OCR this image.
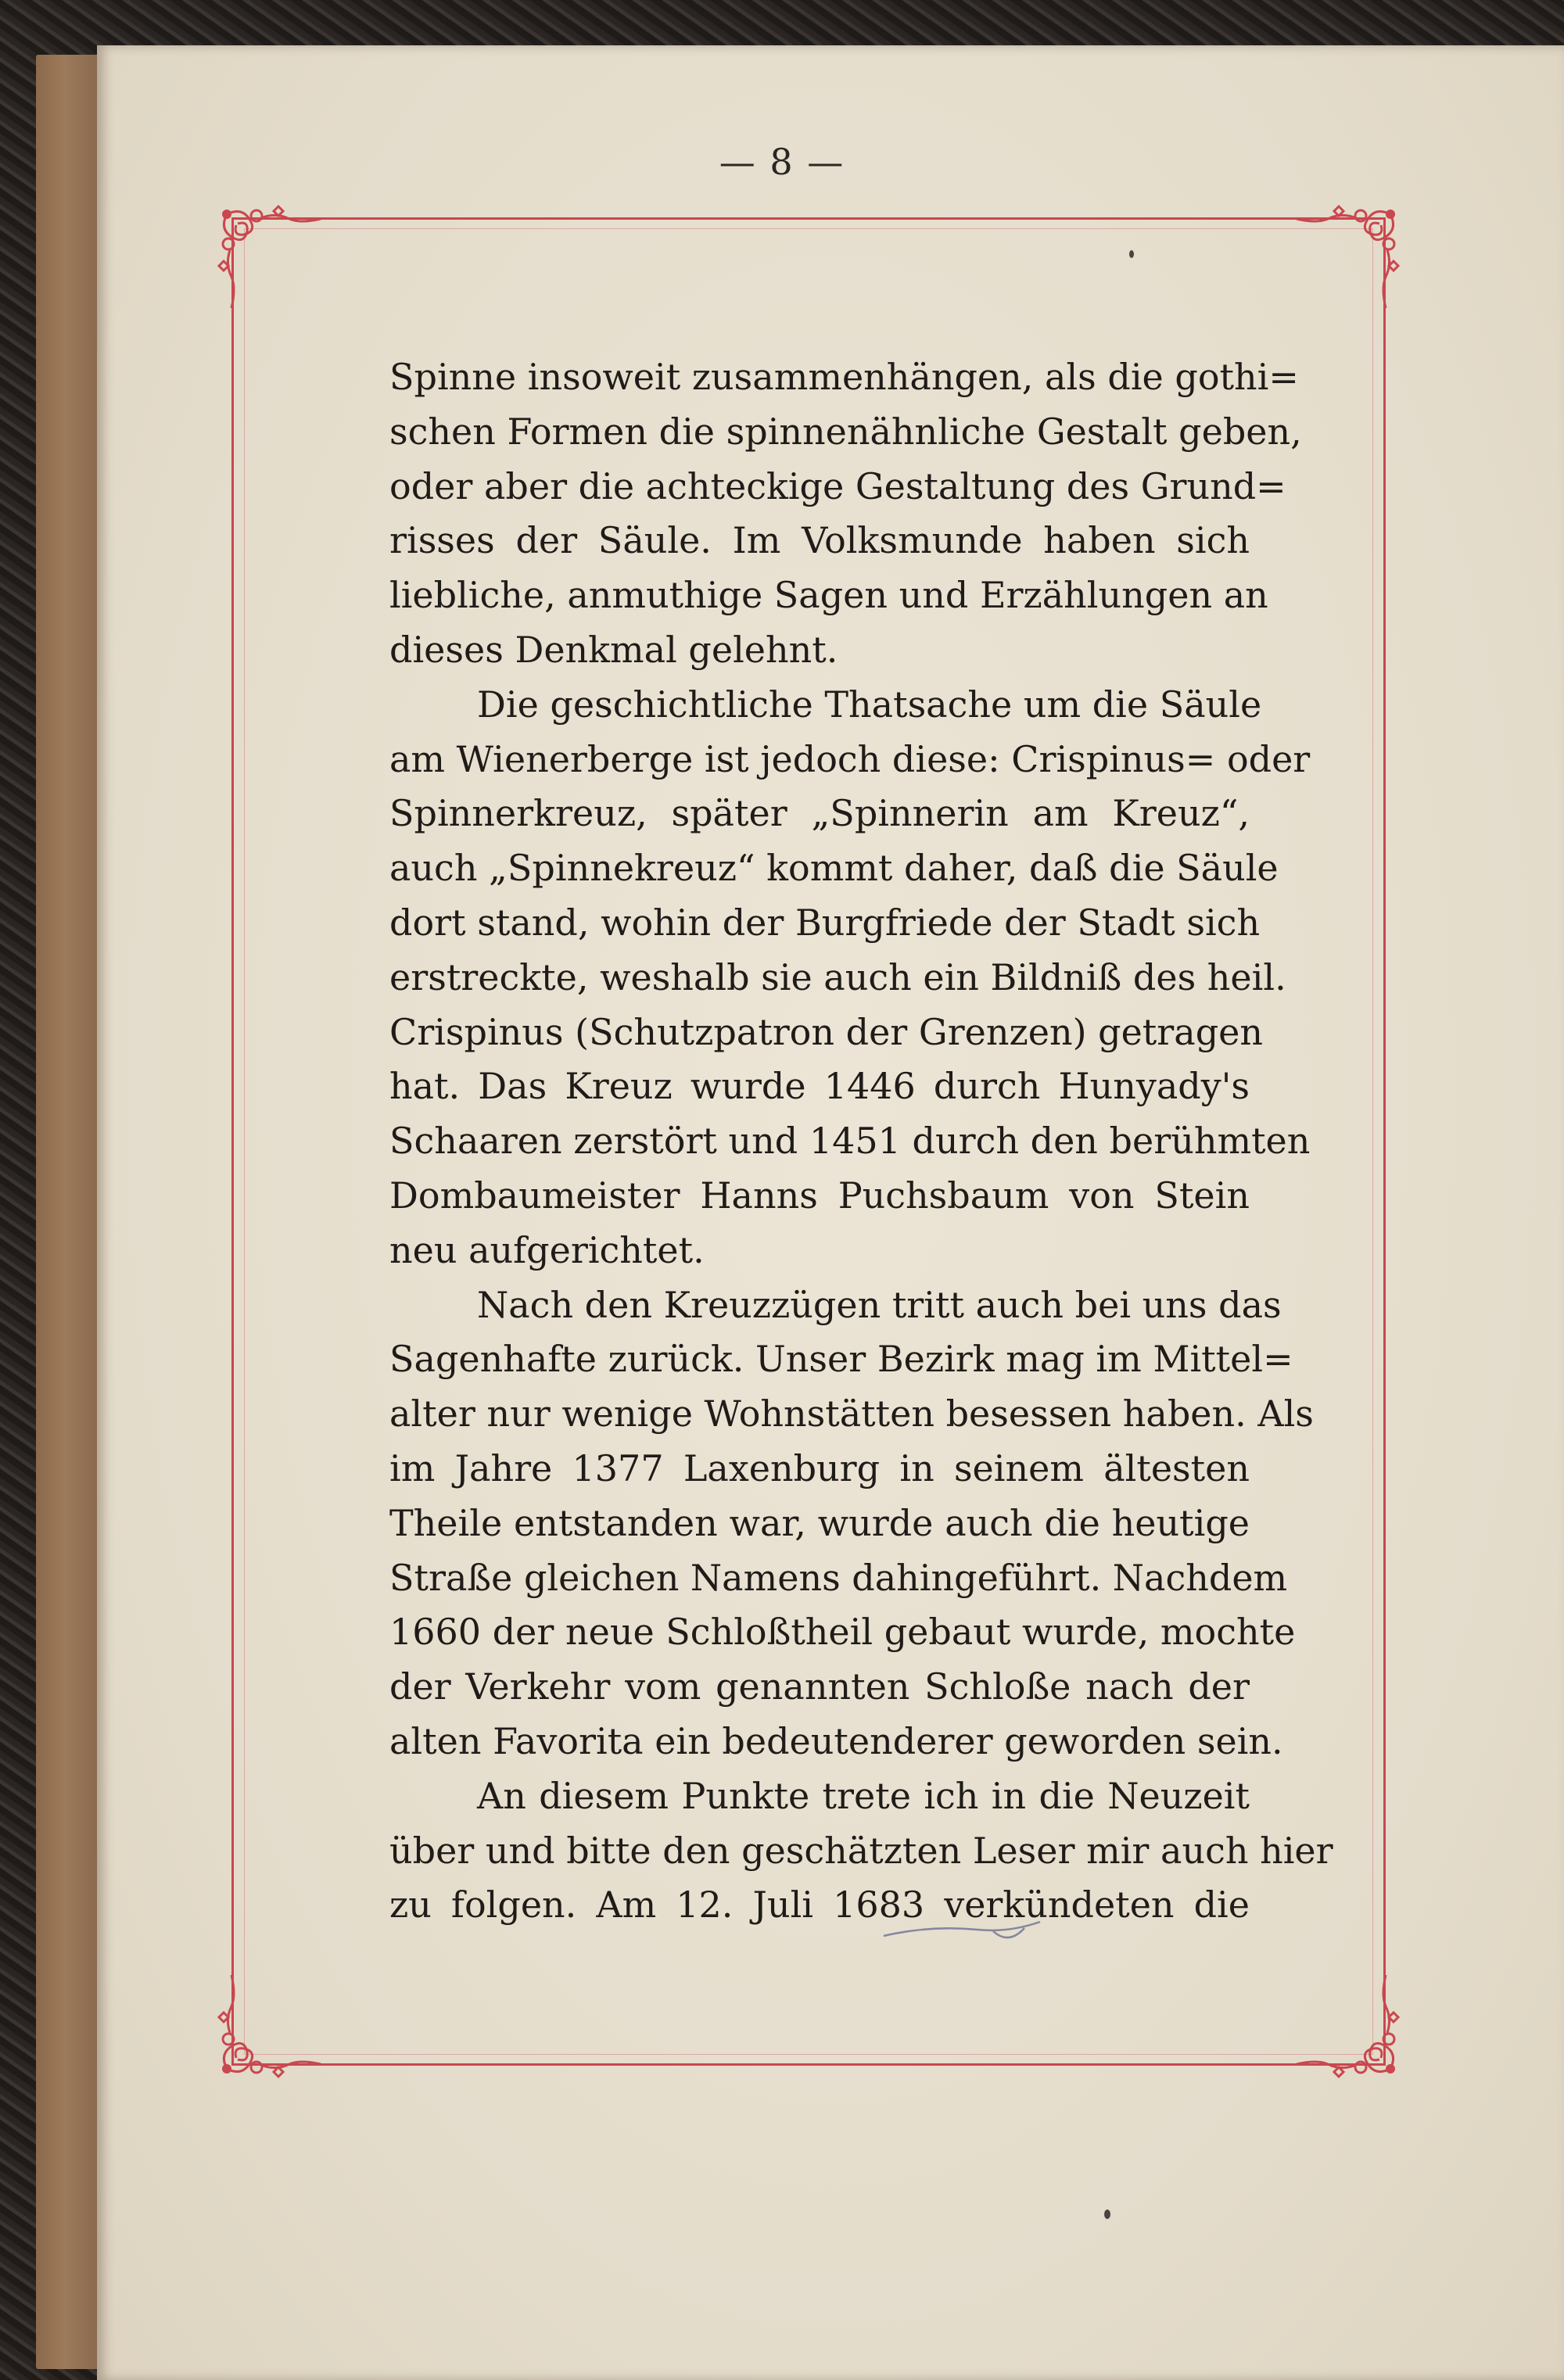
— 8 —
Spinne insoweit zusammenhängen, als die gothi=
schen Formen die spinnenähnliche Gestalt geben,
oder aber die achteckige Gestaltung des Grund=
risses der Säule. Im Volksmunde haben sich
liebliche, anmuthige Sagen und Erzählungen an
dieses Denkmal gelehnt.
Die geschichtliche Thatsache um die Säule
am Wienerberge ist jedoch diese: Crispinus= oder
Spinnerkreuz, später „Spinnerin am Kreuz“,
auch „Spinnekreuz“ kommt daher, daß die Säule
dort stand, wohin der Burgfriede der Stadt sich
erstreckte, weshalb sie auch ein Bildniß des heil.
Crispinus (Schutzpatron der Grenzen) getragen
hat. Das Kreuz wurde 1446 durch Hunyady's
Schaaren zerstört und 1451 durch den berühmten
Dombaumeister Hanns Puchsbaum von Stein
neu aufgerichtet.
Nach den Kreuzzügen tritt auch bei uns das
Sagenhafte zurück. Unser Bezirk mag im Mittel=
alter nur wenige Wohnstätten besessen haben. Als
im Jahre 1377 Laxenburg in seinem ältesten
Theile entstanden war, wurde auch die heutige
Straße gleichen Namens dahingeführt. Nachdem
1660 der neue Schloßtheil gebaut wurde, mochte
der Verkehr vom genannten Schloße nach der
alten Favorita ein bedeutenderer geworden sein.
An diesem Punkte trete ich in die Neuzeit
über und bitte den geschätzten Leser mir auch hier
zu folgen. Am 12. Juli 1683 verkündeten die
